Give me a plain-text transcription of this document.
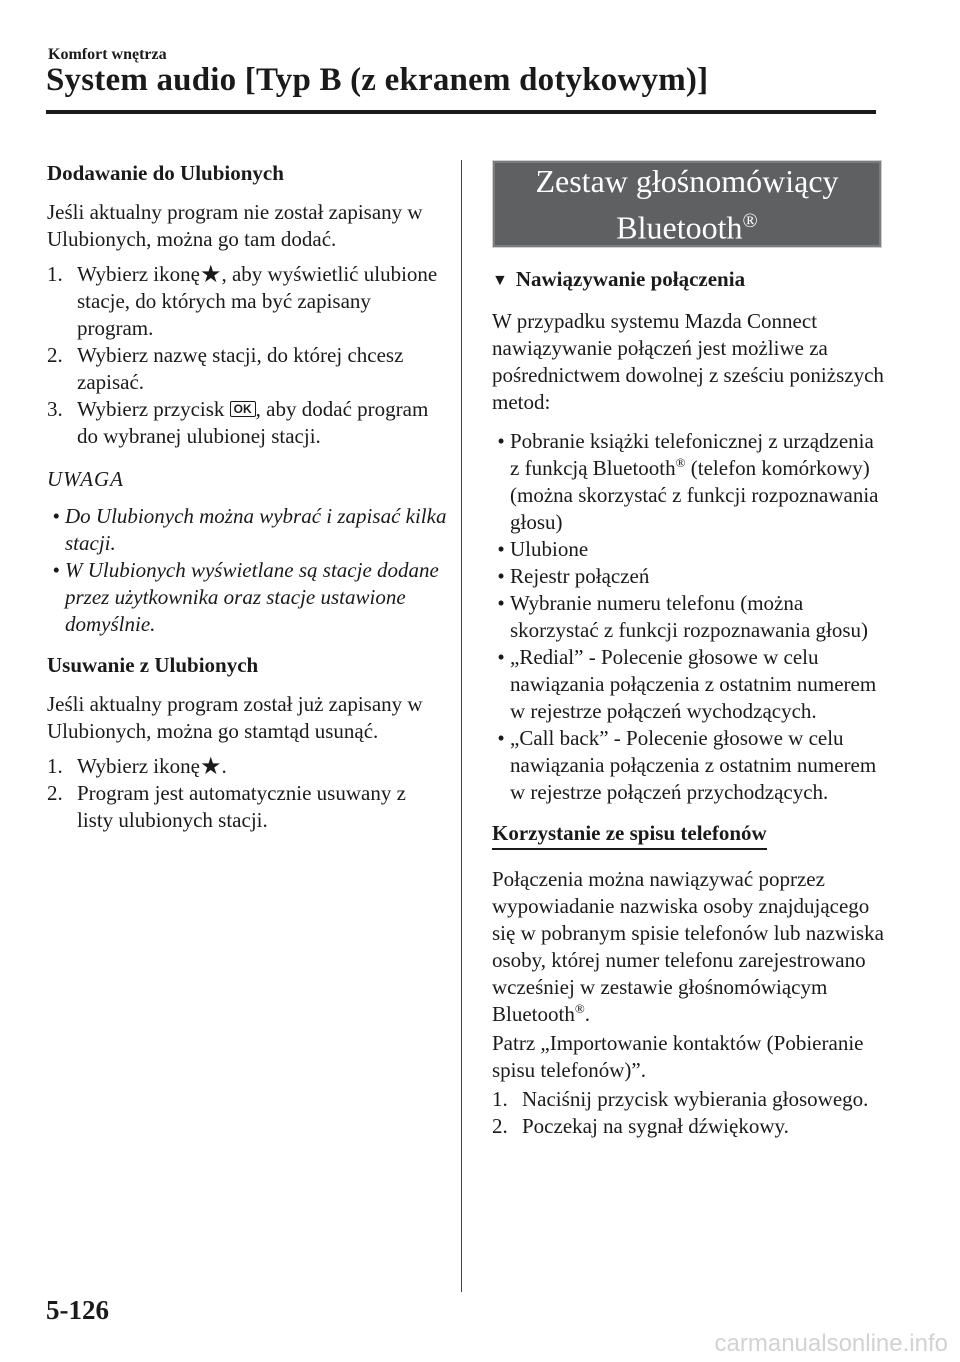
Komfort wnętrza
System audio [Typ B (z ekranem dotykowym)]

Dodawanie do Ulubionych

Jeśli aktualny program nie został zapisany w Ulubionych, można go tam dodać.

1. Wybierz ikonę★, aby wyświetlić ulubione stacje, do których ma być zapisany program.
2. Wybierz nazwę stacji, do której chcesz zapisać.
3. Wybierz przycisk OK , aby dodać program do wybranej ulubionej stacji.

UWAGA

• Do Ulubionych można wybrać i zapisać kilka stacji.
• W Ulubionych wyświetlane są stacje dodane przez użytkownika oraz stacje ustawione domyślnie.

Usuwanie z Ulubionych

Jeśli aktualny program został już zapisany w Ulubionych, można go stamtąd usunąć.

1. Wybierz ikonę★.
2. Program jest automatycznie usuwany z listy ulubionych stacji.
Zestaw głośnomówiący
Bluetooth®

▼ Nawiązywanie połączenia

W przypadku systemu Mazda Connect nawiązywanie połączeń jest możliwe za pośrednictwem dowolnej z sześciu poniższych metod:

• Pobranie książki telefonicznej z urządzenia z funkcją Bluetooth® (telefon komórkowy) (można skorzystać z funkcji rozpoznawania głosu)
• Ulubione
• Rejestr połączeń
• Wybranie numeru telefonu (można skorzystać z funkcji rozpoznawania głosu)
• „Redial” - Polecenie głosowe w celu nawiązania połączenia z ostatnim numerem w rejestrze połączeń wychodzących.
• „Call back” - Polecenie głosowe w celu nawiązania połączenia z ostatnim numerem w rejestrze połączeń przychodzących.

Korzystanie ze spisu telefonów

Połączenia można nawiązywać poprzez wypowiadanie nazwiska osoby znajdującego się w pobranym spisie telefonów lub nazwiska osoby, której numer telefonu zarejestrowano wcześniej w zestawie głośnomówiącym Bluetooth®.

Patrz „Importowanie kontaktów (Pobieranie spisu telefonów)”.

1. Naciśnij przycisk wybierania głosowego.
2. Poczekaj na sygnał dźwiękowy.
5-126
carmanualsonline.info
